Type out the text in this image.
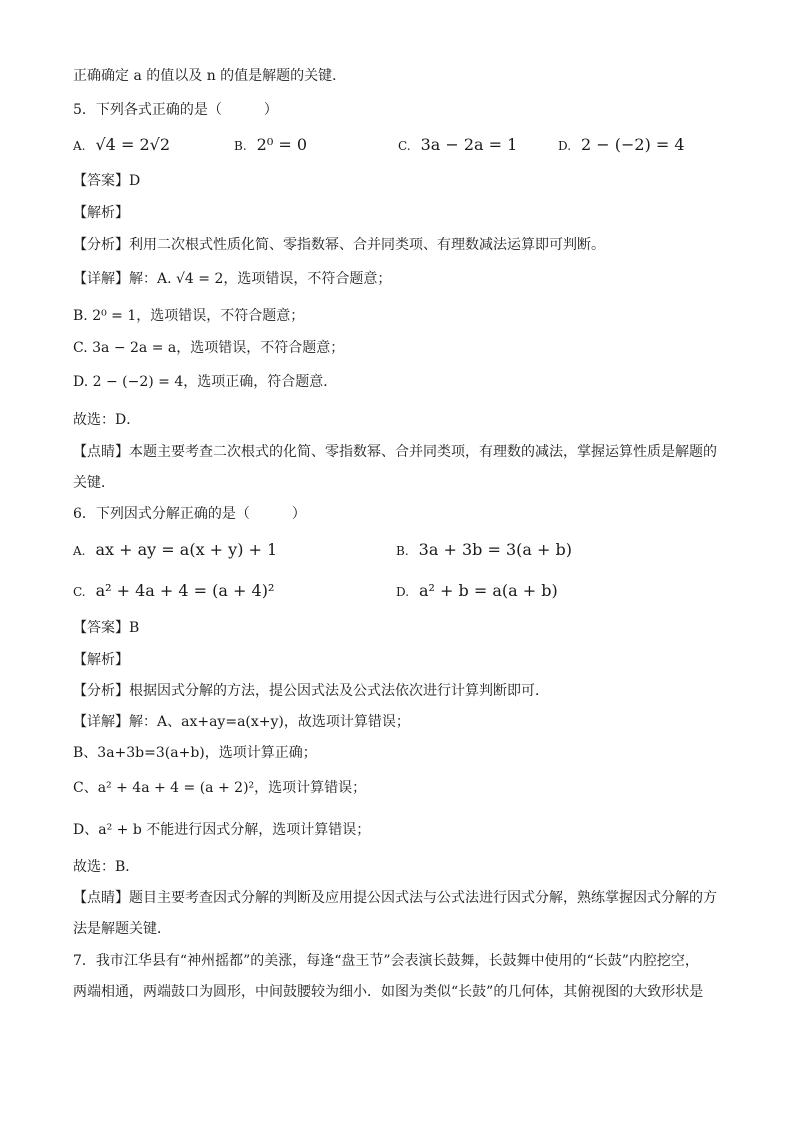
正确确定 a 的值以及 n 的值是解题的关键．
5．下列各式正确的是（　　　）
A. √4 = 2√2	B. 2⁰ = 0	C. 3a − 2a = 1	D. 2 − (−2) = 4
【答案】D
【解析】
【分析】利用二次根式性质化简、零指数幂、合并同类项、有理数减法运算即可判断。
【详解】解：A. √4 = 2，选项错误，不符合题意；
B. 2⁰ = 1，选项错误，不符合题意；
C. 3a − 2a = a，选项错误，不符合题意；
D. 2 − (−2) = 4，选项正确，符合题意．
故选：D．
【点睛】本题主要考查二次根式的化简、零指数幂、合并同类项，有理数的减法，掌握运算性质是解题的
关键．
6．下列因式分解正确的是（　　　）
A. ax + ay = a(x + y) + 1	B. 3a + 3b = 3(a + b)
C. a² + 4a + 4 = (a + 4)²	D. a² + b = a(a + b)
【答案】B
【解析】
【分析】根据因式分解的方法，提公因式法及公式法依次进行计算判断即可．
【详解】解：A、ax+ay=a(x+y)，故选项计算错误；
B、3a+3b=3(a+b)，选项计算正确；
C、a² + 4a + 4 = (a + 2)²，选项计算错误；
D、a² + b 不能进行因式分解，选项计算错误；
故选：B．
【点睛】题目主要考查因式分解的判断及应用提公因式法与公式法进行因式分解，熟练掌握因式分解的方
法是解题关键．
7．我市江华县有“神州摇都”的美涨，每逢“盘王节”会表演长鼓舞，长鼓舞中使用的“长鼓”内腔挖空，
两端相通，两端鼓口为圆形，中间鼓腰较为细小．如图为类似“长鼓”的几何体，其俯视图的大致形状是
